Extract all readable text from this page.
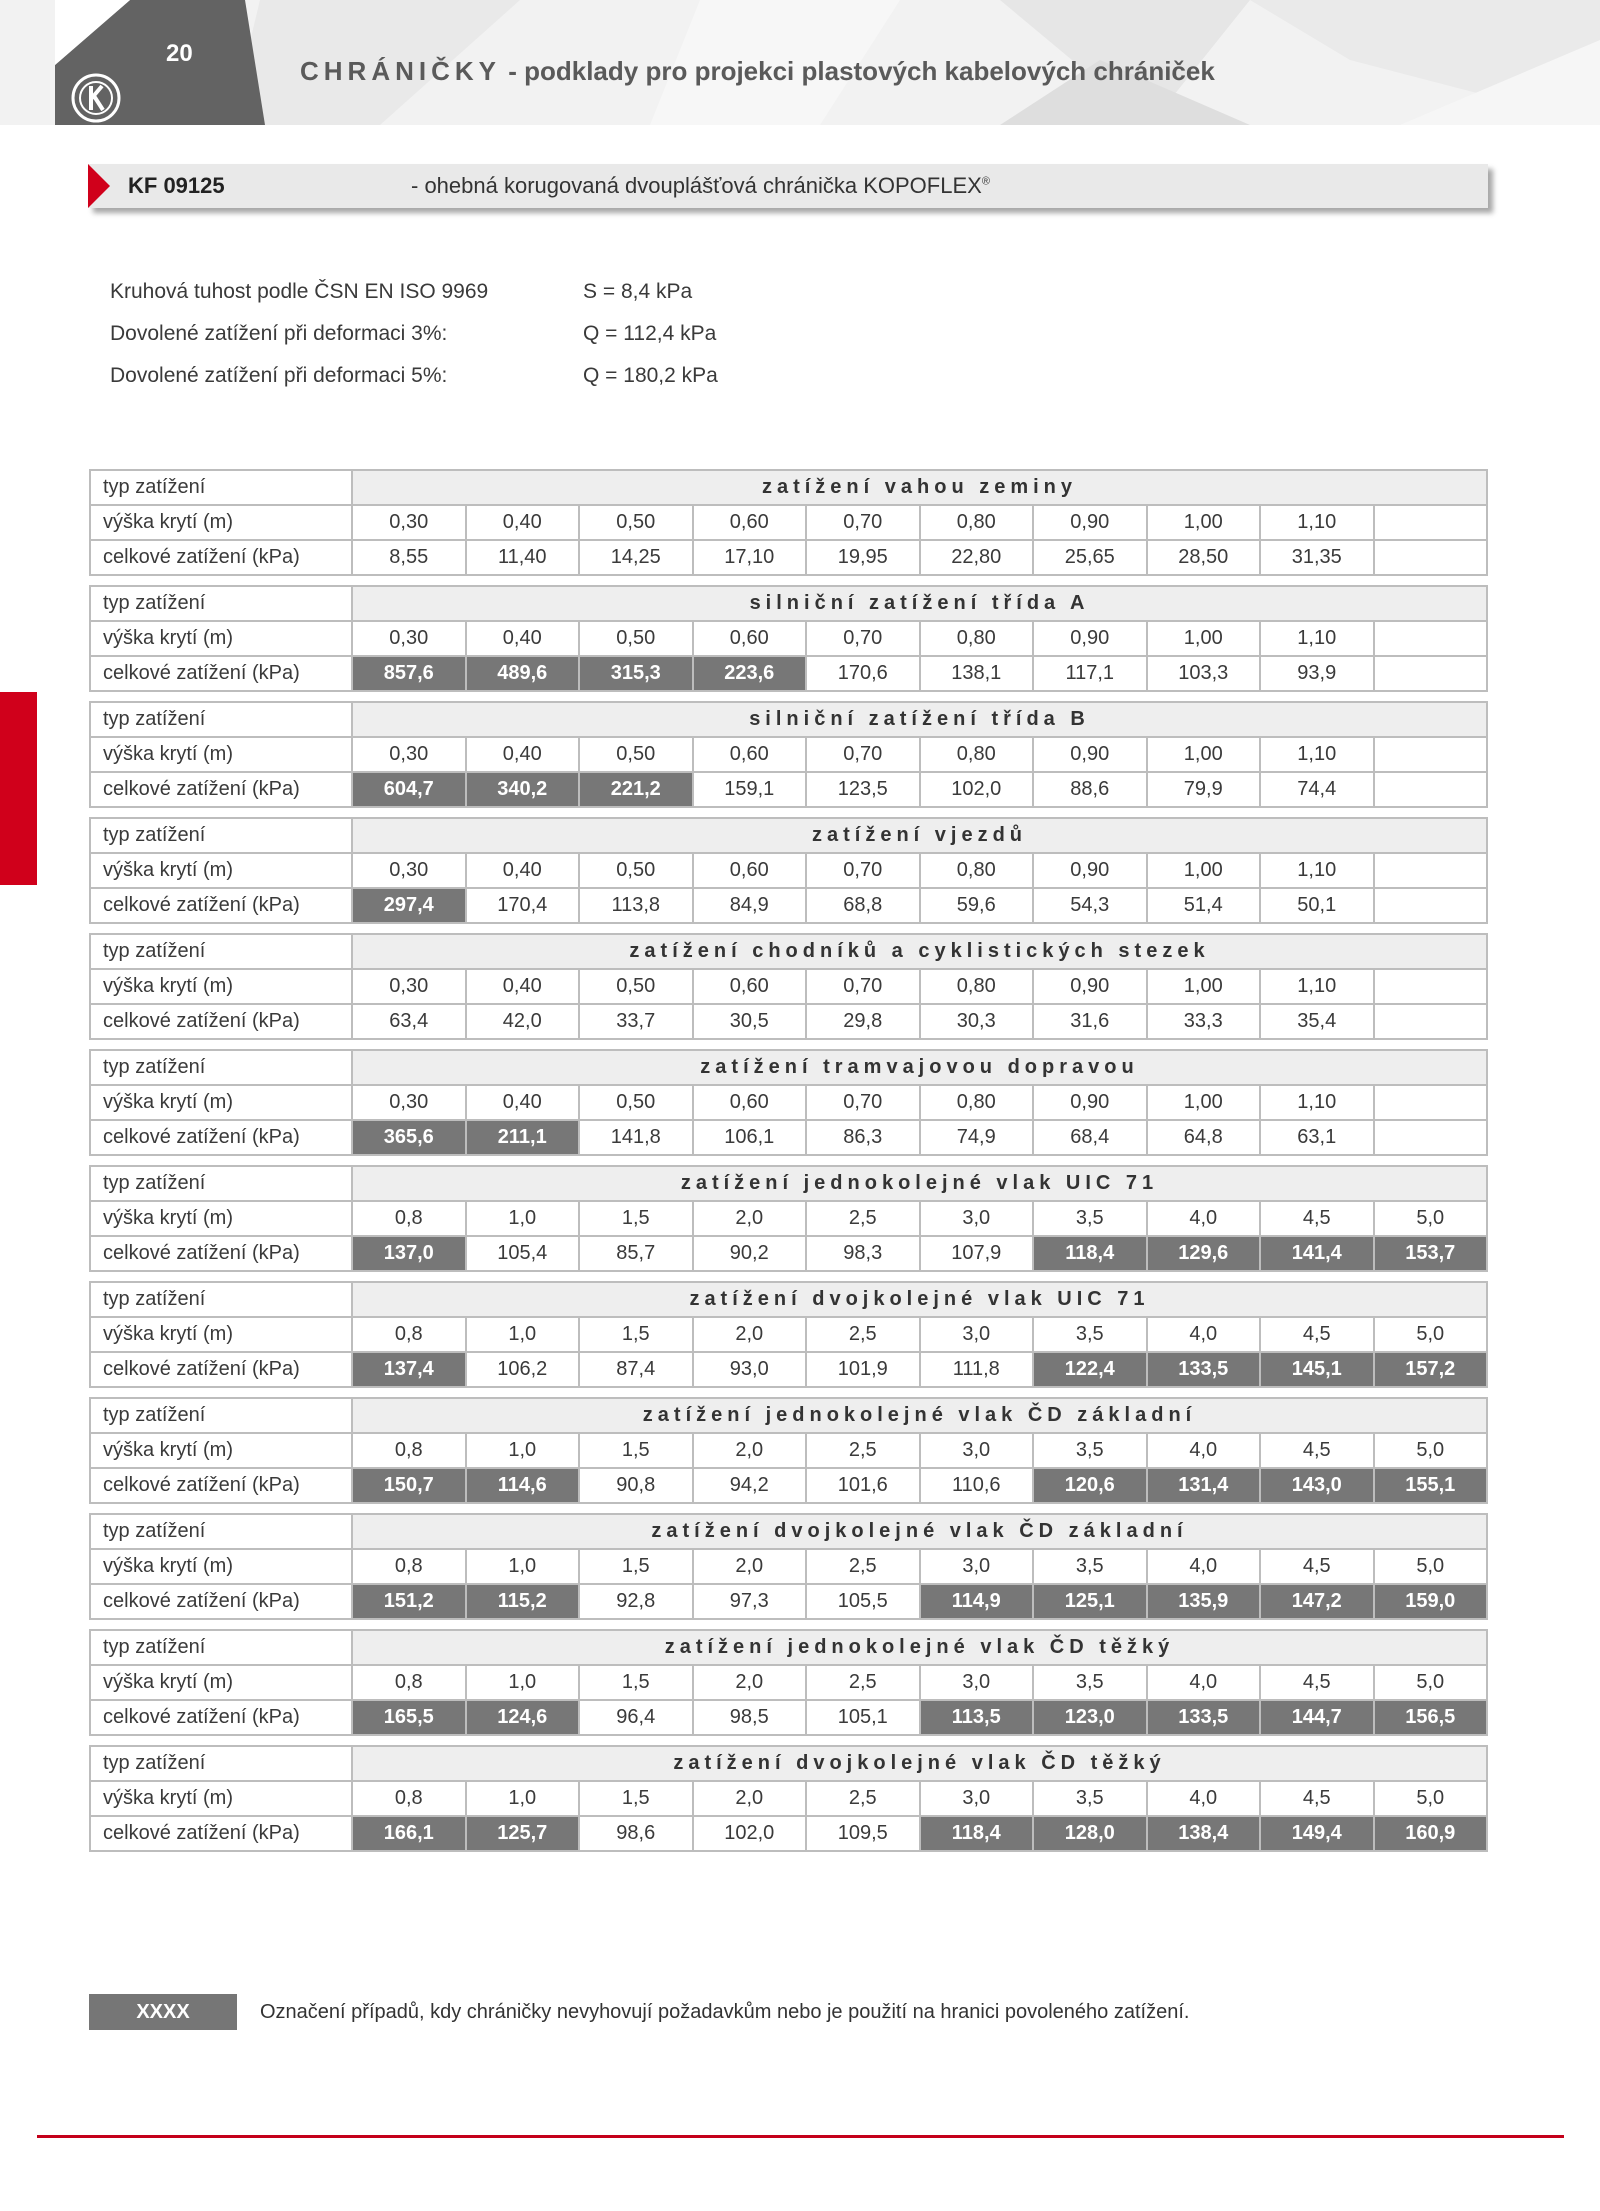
20
CHRÁNIČKY - podklady pro projekci plastových kabelových chrániček
KF 09125	- ohebná korugovaná dvouplášťová chránička KOPOFLEX®
Kruhová tuhost podle ČSN EN ISO 9969	S = 8,4 kPa
Dovolené zatížení při deformaci 3%:	Q = 112,4 kPa
Dovolené zatížení při deformaci 5%:	Q = 180,2 kPa
typ zatížení	zatížení vahou zeminy									
výška krytí (m)	0,30	0,40	0,50	0,60	0,70	0,80	0,90	1,00	1,10	
celkové zatížení (kPa)	8,55	11,40	14,25	17,10	19,95	22,80	25,65	28,50	31,35	

typ zatížení	silniční zatížení třída A									
výška krytí (m)	0,30	0,40	0,50	0,60	0,70	0,80	0,90	1,00	1,10	
celkové zatížení (kPa)	857,6	489,6	315,3	223,6	170,6	138,1	117,1	103,3	93,9	

typ zatížení	silniční zatížení třída B									
výška krytí (m)	0,30	0,40	0,50	0,60	0,70	0,80	0,90	1,00	1,10	
celkové zatížení (kPa)	604,7	340,2	221,2	159,1	123,5	102,0	88,6	79,9	74,4	

typ zatížení	zatížení vjezdů									
výška krytí (m)	0,30	0,40	0,50	0,60	0,70	0,80	0,90	1,00	1,10	
celkové zatížení (kPa)	297,4	170,4	113,8	84,9	68,8	59,6	54,3	51,4	50,1	

typ zatížení	zatížení chodníků a cyklistických stezek									
výška krytí (m)	0,30	0,40	0,50	0,60	0,70	0,80	0,90	1,00	1,10	
celkové zatížení (kPa)	63,4	42,0	33,7	30,5	29,8	30,3	31,6	33,3	35,4	

typ zatížení	zatížení tramvajovou dopravou									
výška krytí (m)	0,30	0,40	0,50	0,60	0,70	0,80	0,90	1,00	1,10	
celkové zatížení (kPa)	365,6	211,1	141,8	106,1	86,3	74,9	68,4	64,8	63,1	

typ zatížení	zatížení jednokolejné vlak UIC 71									
výška krytí (m)	0,8	1,0	1,5	2,0	2,5	3,0	3,5	4,0	4,5	5,0
celkové zatížení (kPa)	137,0	105,4	85,7	90,2	98,3	107,9	118,4	129,6	141,4	153,7

typ zatížení	zatížení dvojkolejné vlak UIC 71									
výška krytí (m)	0,8	1,0	1,5	2,0	2,5	3,0	3,5	4,0	4,5	5,0
celkové zatížení (kPa)	137,4	106,2	87,4	93,0	101,9	111,8	122,4	133,5	145,1	157,2

typ zatížení	zatížení jednokolejné vlak ČD základní									
výška krytí (m)	0,8	1,0	1,5	2,0	2,5	3,0	3,5	4,0	4,5	5,0
celkové zatížení (kPa)	150,7	114,6	90,8	94,2	101,6	110,6	120,6	131,4	143,0	155,1

typ zatížení	zatížení dvojkolejné vlak ČD základní									
výška krytí (m)	0,8	1,0	1,5	2,0	2,5	3,0	3,5	4,0	4,5	5,0
celkové zatížení (kPa)	151,2	115,2	92,8	97,3	105,5	114,9	125,1	135,9	147,2	159,0

typ zatížení	zatížení jednokolejné vlak ČD těžký									
výška krytí (m)	0,8	1,0	1,5	2,0	2,5	3,0	3,5	4,0	4,5	5,0
celkové zatížení (kPa)	165,5	124,6	96,4	98,5	105,1	113,5	123,0	133,5	144,7	156,5

typ zatížení	zatížení dvojkolejné vlak ČD těžký									
výška krytí (m)	0,8	1,0	1,5	2,0	2,5	3,0	3,5	4,0	4,5	5,0
celkové zatížení (kPa)	166,1	125,7	98,6	102,0	109,5	118,4	128,0	138,4	149,4	160,9
XXXX	Označení případů, kdy chráničky nevyhovují požadavkům nebo je použití na hranici povoleného zatížení.
